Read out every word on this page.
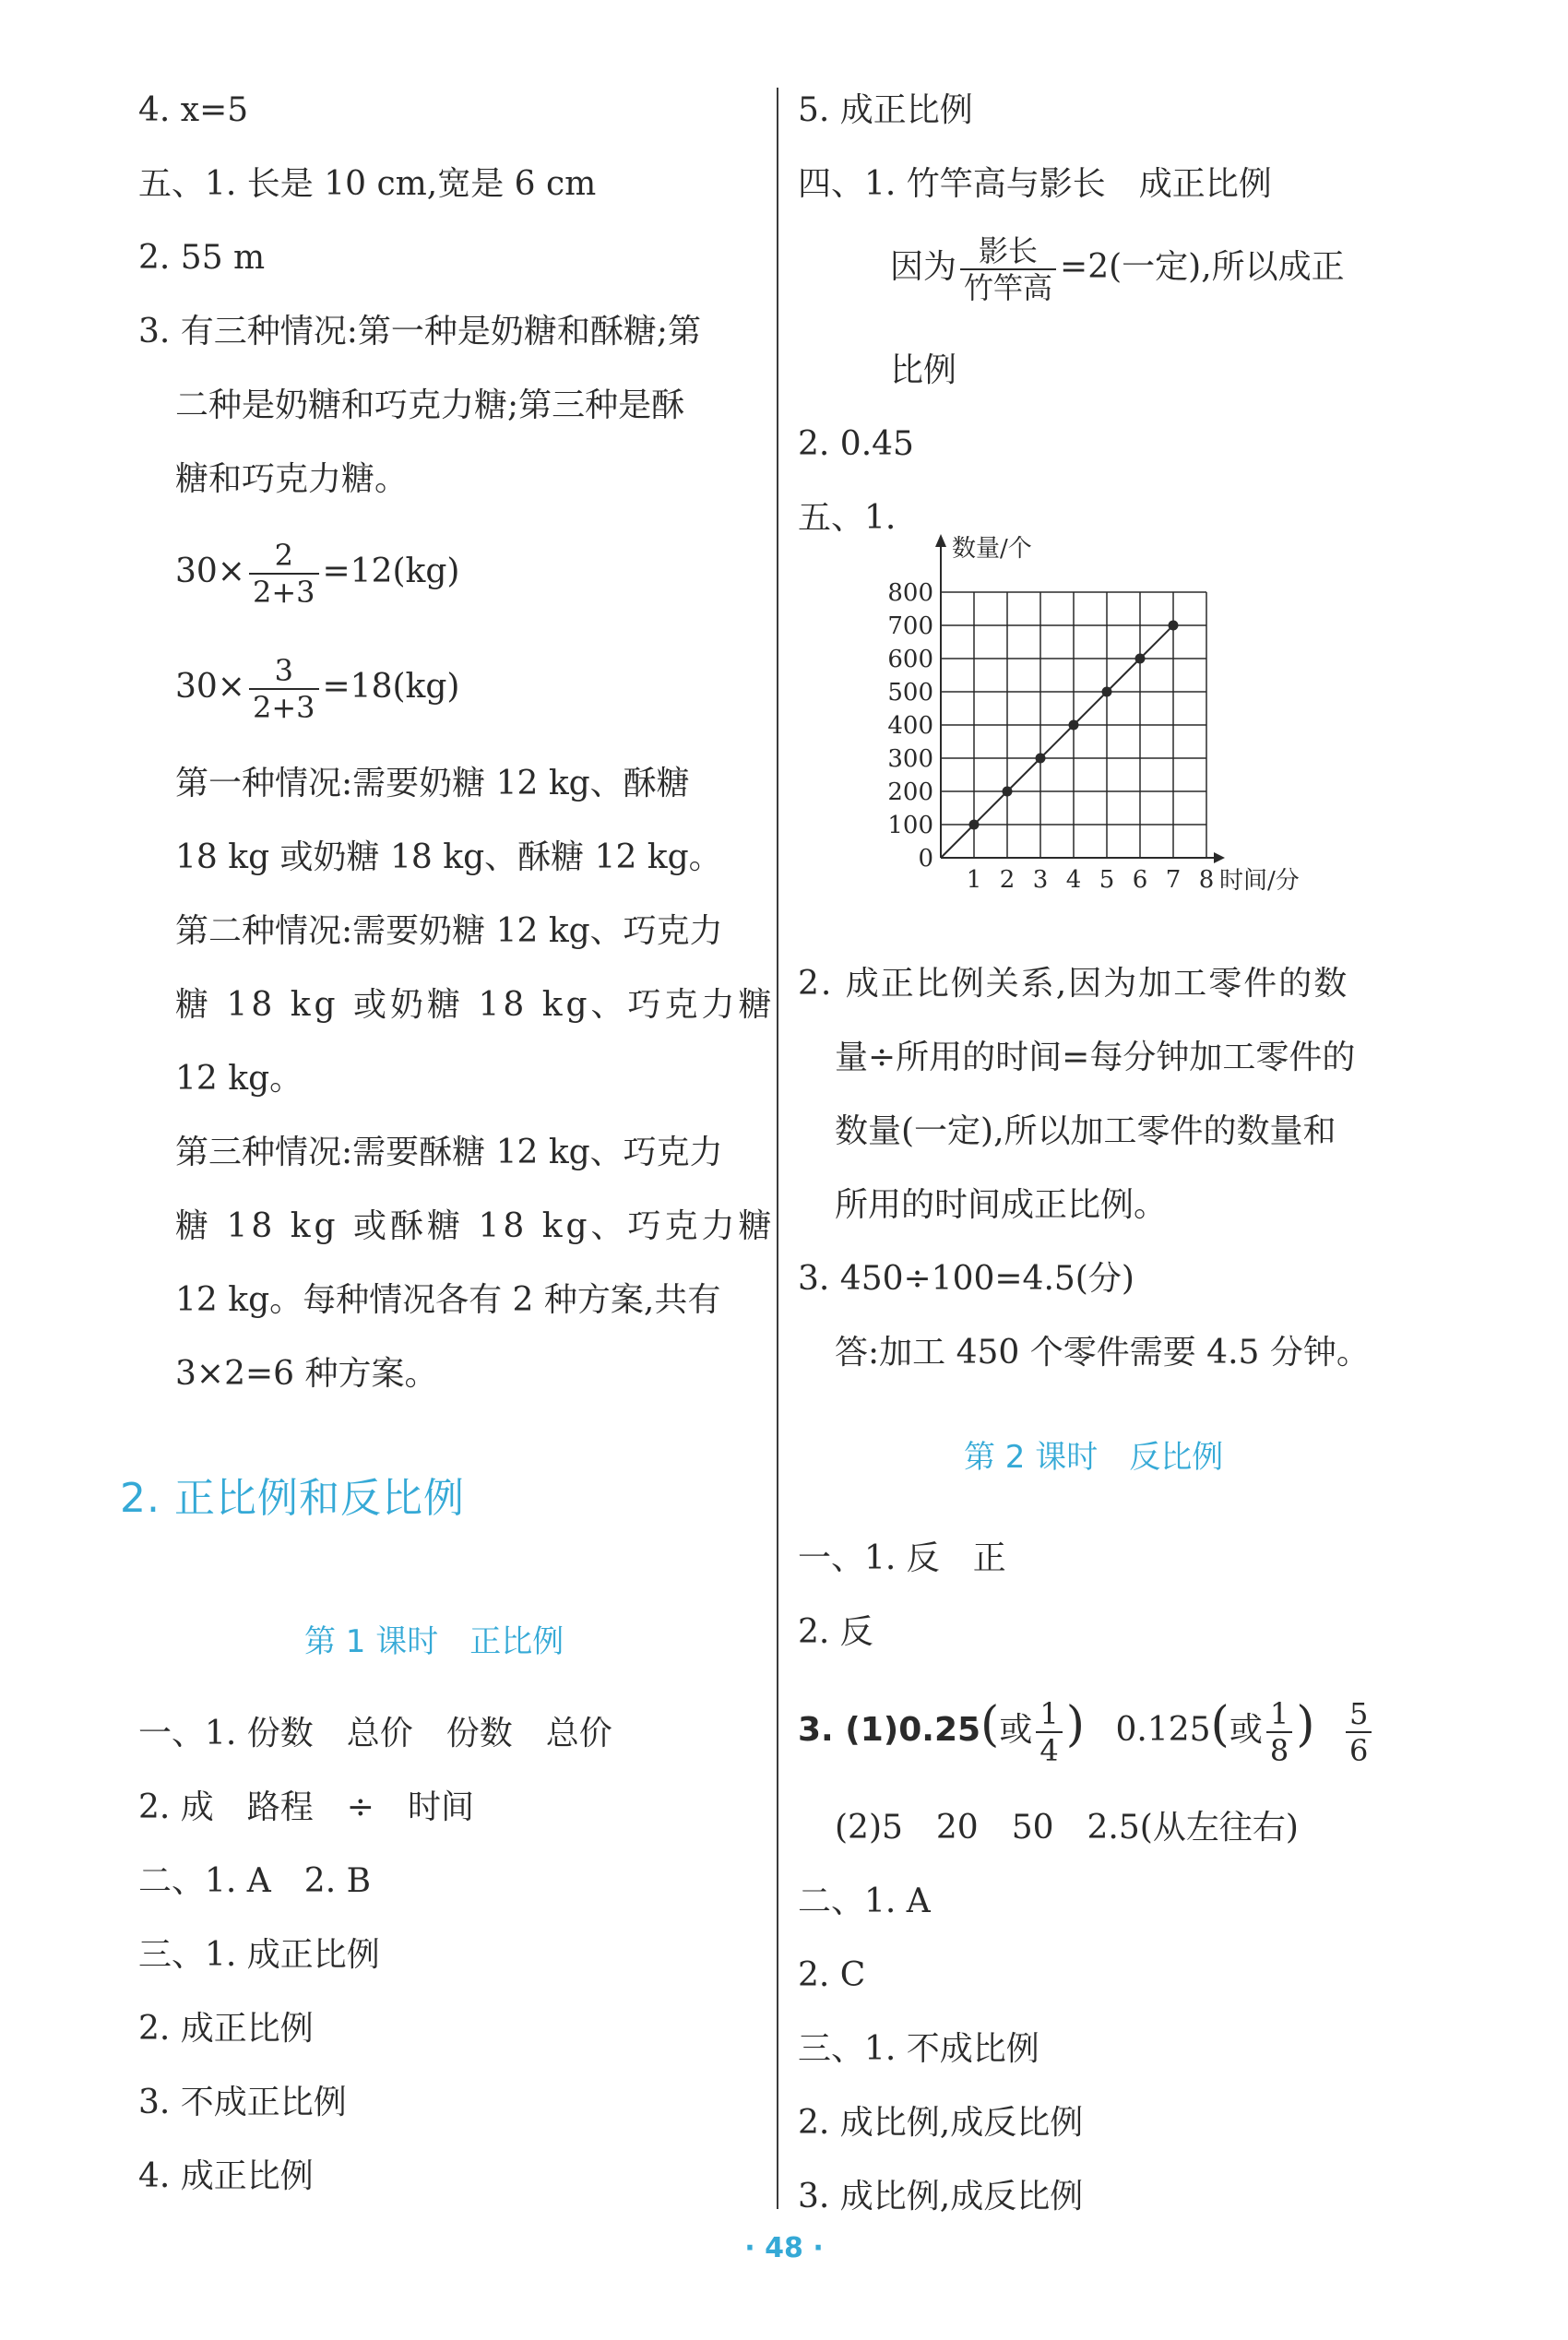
4. x=5
五、1. 长是 10 cm,宽是 6 cm
2. 55 m
3. 有三种情况:第一种是奶糖和酥糖;第
二种是奶糖和巧克力糖;第三种是酥
糖和巧克力糖。
$30\times \frac{2}{2+3} =12(kg)$
$30\times \frac{3}{2+3} =18(kg)$
第一种情况:需要奶糖 12 kg、酥糖
18 kg 或奶糖 18 kg、酥糖 12 kg。
第二种情况:需要奶糖 12 kg、巧克力
糖 18 kg 或奶糖 18 kg、巧克力糖
12 kg。
第三种情况:需要酥糖 12 kg、巧克力
糖 18 kg 或酥糖 18 kg、巧克力糖
12 kg。每种情况各有 2 种方案,共有
3×2=6 种方案。
一、1. 份数　总价　份数　总价
2. 成　路程　÷　时间
二、1. A　2. B
三、1. 成正比例
2. 成正比例
3. 不成正比例
4. 成正比例
2. 正比例和反比例
第 1 课时　正比例
5. 成正比例
四、1. 竹竿高与影长　成正比例
因为 $\frac{\text{影长}}{\text{竹竿高}} =2$(一定),所以成正
比例
2. 0.45
五、1.
2. 成正比例关系,因为加工零件的数
量÷所用的时间=每分钟加工零件的
数量(一定),所以加工零件的数量和
所用的时间成正比例。
3. 450÷100=4.5(分)
答:加工 450 个零件需要 4.5 分钟。
一、1. 反　正
2. 反
3. (1)0.25(或 $\frac{1}{4}$ ) 0.125(或 $\frac{1}{8}$ ) $\frac{5}{6}$
(2)5　20　50　2.5(从左往右)
二、1. A
2. C
三、1. 不成比例
2. 成比例,成反比例
3. 成比例,成反比例
第 2 课时　反比例
0
100
200
300
400
500
600
700
800
1 2 3 4 5 6 7 8
数量/个
时间/分
· 48 ·
